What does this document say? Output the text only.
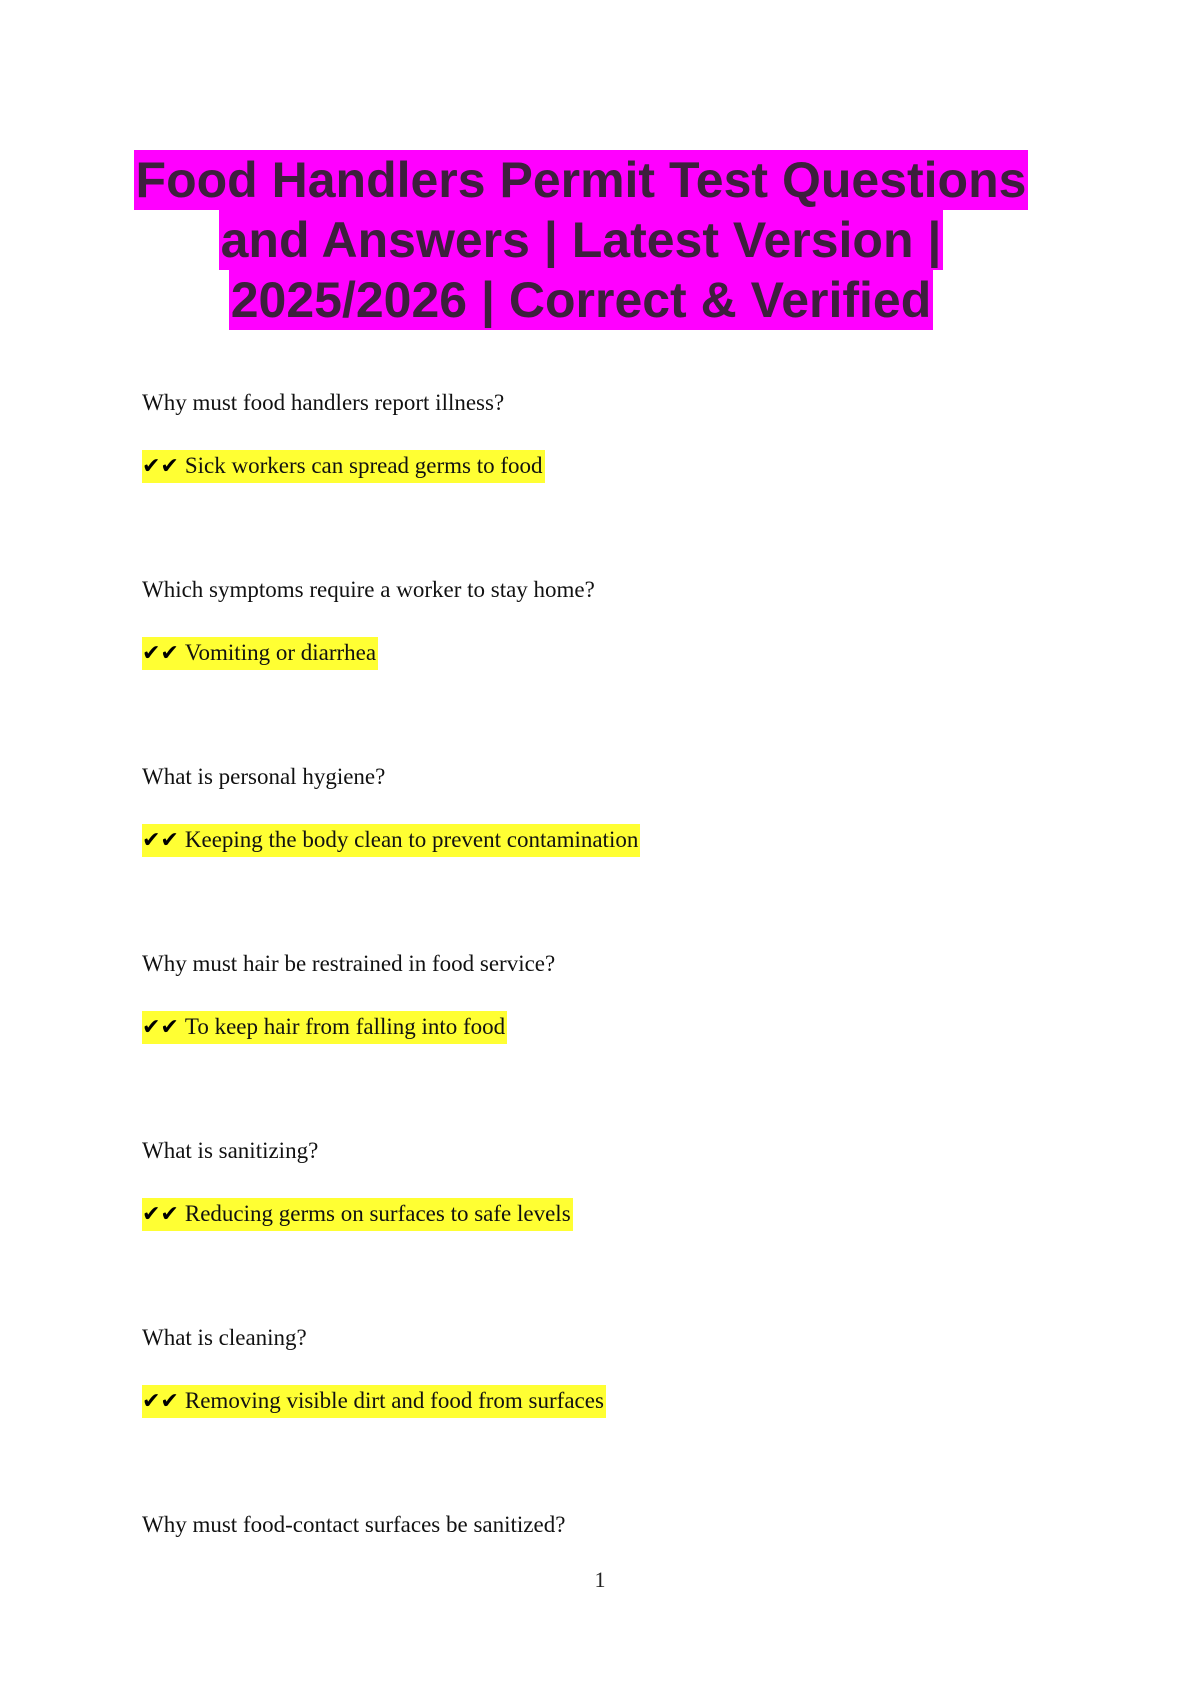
Food Handlers Permit Test Questions
and Answers | Latest Version |
2025/2026 | Correct & Verified
Why must food handlers report illness?
✔✔ Sick workers can spread germs to food
Which symptoms require a worker to stay home?
✔✔ Vomiting or diarrhea
What is personal hygiene?
✔✔ Keeping the body clean to prevent contamination
Why must hair be restrained in food service?
✔✔ To keep hair from falling into food
What is sanitizing?
✔✔ Reducing germs on surfaces to safe levels
What is cleaning?
✔✔ Removing visible dirt and food from surfaces
Why must food-contact surfaces be sanitized?
1
